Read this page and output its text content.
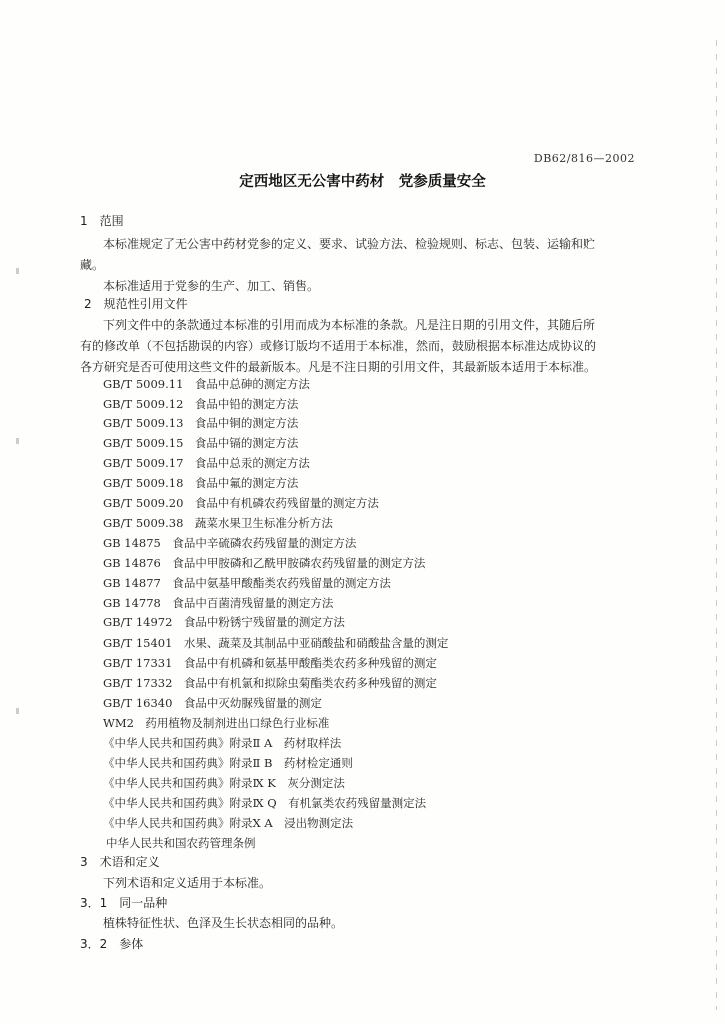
DB62/816—2002
定西地区无公害中药材　党参质量安全
1　范围
本标准规定了无公害中药材党参的定义、要求、试验方法、检验规则、标志、包装、运输和贮
藏。
本标准适用于党参的生产、加工、销售。
2　规范性引用文件
下列文件中的条款通过本标准的引用而成为本标准的条款。凡是注日期的引用文件，其随后所
有的修改单（不包括勘误的内容）或修订版均不适用于本标准，然而，鼓励根据本标准达成协议的
各方研究是否可使用这些文件的最新版本。凡是不注日期的引用文件，其最新版本适用于本标准。
GB/T 5009.11　食品中总砷的测定方法
GB/T 5009.12　食品中铅的测定方法
GB/T 5009.13　食品中铜的测定方法
GB/T 5009.15　食品中镉的测定方法
GB/T 5009.17　食品中总汞的测定方法
GB/T 5009.18　食品中氟的测定方法
GB/T 5009.20　食品中有机磷农药残留量的测定方法
GB/T 5009.38　蔬菜水果卫生标准分析方法
GB 14875　食品中辛硫磷农药残留量的测定方法
GB 14876　食品中甲胺磷和乙酰甲胺磷农药残留量的测定方法
GB 14877　食品中氨基甲酸酯类农药残留量的测定方法
GB 14778　食品中百菌清残留量的测定方法
GB/T 14972　食品中粉锈宁残留量的测定方法
GB/T 15401　水果、蔬菜及其制品中亚硝酸盐和硝酸盐含量的测定
GB/T 17331　食品中有机磷和氨基甲酸酯类农药多种残留的测定
GB/T 17332　食品中有机氯和拟除虫菊酯类农药多种残留的测定
GB/T 16340　食品中灭幼脲残留量的测定
WM2　药用植物及制剂进出口绿色行业标准
《中华人民共和国药典》附录Ⅱ A　药材取样法
《中华人民共和国药典》附录Ⅱ B　药材检定通则
《中华人民共和国药典》附录Ⅸ K　灰分测定法
《中华人民共和国药典》附录Ⅸ Q　有机氯类农药残留量测定法
《中华人民共和国药典》附录Ⅹ A　浸出物测定法
中华人民共和国农药管理条例
3　术语和定义
下列术语和定义适用于本标准。
3．1　同一品种
植株特征性状、色泽及生长状态相同的品种。
3．2　参体
